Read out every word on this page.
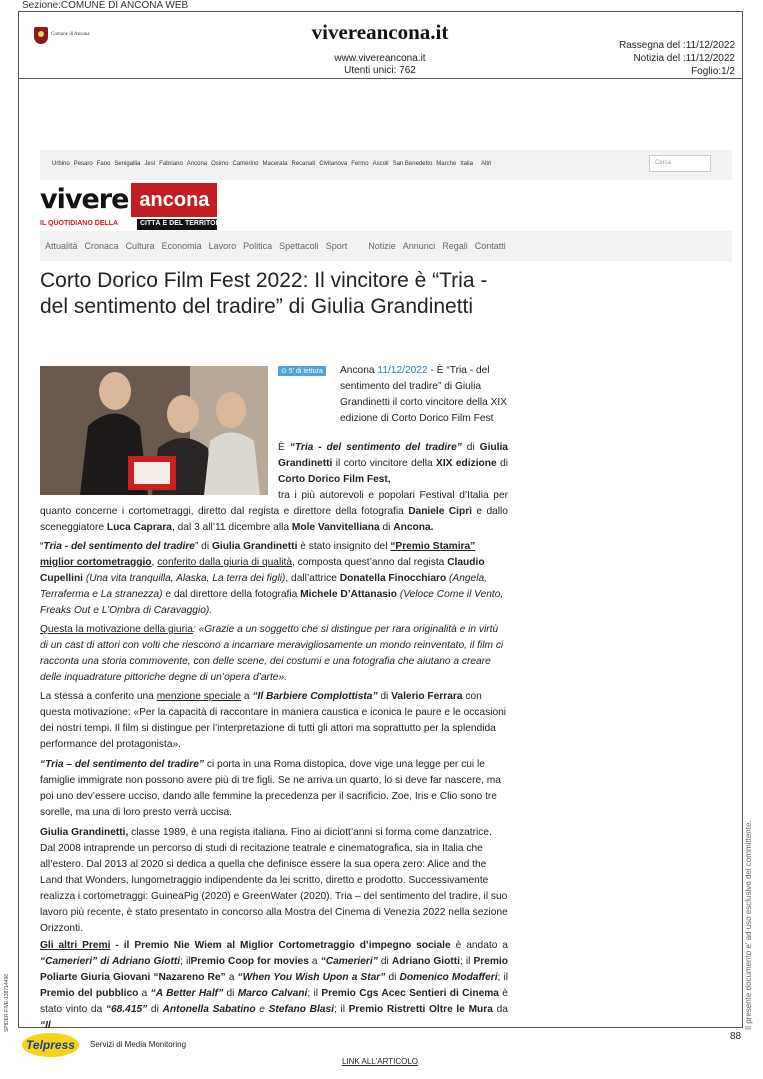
Sezione:COMUNE DI ANCONA WEB
Comune di Ancona	vivereancona.it
www.vivereancona.it
Utenti unici: 762
Rassegna del :11/12/2022
Notizia del :11/12/2022
Foglio:1/2
Urbino Pesaro Fano Senigallia Jesi Fabriano Ancona Osimo Camerino Macerata Recanati Civitanova Fermo Ascoli San Benedetto Marche Italia Altri	Cerca
vivere ancona
IL QUOTIDIANO DELLA	CITTÀ E DEL TERRITORIO
Attualità Cronaca Cultura Economia Lavoro Politica Spettacoli Sport Notizie Annunci Regali Contatti
Corto Dorico Film Fest 2022: Il vincitore è “Tria - del sentimento del tradire” di Giulia Grandinetti
⊙ 5' di lettura Ancona 11/12/2022 - È “Tria - del sentimento del tradire” di Giulia Grandinetti il corto vincitore della XIX edizione di Corto Dorico Film Fest
È “Tria - del sentimento del tradire” di Giulia Grandinetti il corto vincitore della XIX edizione di Corto Dorico Film Fest,
tra i più autorevoli e popolari Festival d’Italia per quanto concerne i cortometraggi, diretto dal regista e direttore della fotografia Daniele Ciprì e dallo sceneggiatore Luca Caprara, dal 3 all’11 dicembre alla Mole Vanvitelliana di Ancona.
“Tria - del sentimento del tradire” di Giulia Grandinetti è stato insignito del “Premio Stamira” miglior cortometraggio, conferito dalla giuria di qualità, composta quest’anno dal regista Claudio Cupellini (Una vita tranquilla, Alaska, La terra dei figli), dall’attrice Donatella Finocchiaro (Angela, Terraferma e La stranezza) e dal direttore della fotografia Michele D’Attanasio (Veloce Come il Vento, Freaks Out e L’Ombra di Caravaggio).
Questa la motivazione della giuria: «Grazie a un soggetto che si distingue per rara originalità e in virtù di un cast di attori con volti che riescono a incarnare meravigliosamente un mondo reinventato, il film ci racconta una storia commovente, con delle scene, dei costumi e una fotografia che aiutano a creare delle inquadrature pittoriche degne di un’opera d’arte».
La stessa a conferito una menzione speciale a “Il Barbiere Complottista” di Valerio Ferrara con questa motivazione: «Per la capacità di raccontare in maniera caustica e iconica le paure e le occasioni dei nostri tempi. Il film si distingue per l’interpretazione di tutti gli attori ma soprattutto per la splendida performance del protagonista».
“Tria – del sentimento del tradire” ci porta in una Roma distopica, dove vige una legge per cui le famiglie immigrate non possono avere più di tre figli. Se ne arriva un quarto, lo si deve far nascere, ma poi uno dev’essere ucciso, dando alle femmine la precedenza per il sacrificio. Zoe, Iris e Clio sono tre sorelle, ma una di loro presto verrà uccisa.
Giulia Grandinetti, classe 1989, è una regista italiana. Fino ai diciott’anni si forma come danzatrice. Dal 2008 intraprende un percorso di studi di recitazione teatrale e cinematografica, sia in Italia che all’estero. Dal 2013 al 2020 si dedica a quella che definisce essere la sua opera zero: Alice and the Land that Wonders, lungometraggio indipendente da lei scritto, diretto e prodotto. Successivamente realizza i cortometraggi: GuineaPig (2020) e GreenWater (2020). Tria – del sentimento del tradire, il suo lavoro più recente, è stato presentato in concorso alla Mostra del Cinema di Venezia 2022 nella sezione Orizzonti.
Gli altri Premi - il Premio Nie Wiem al Miglior Cortometraggio d’impegno sociale è andato a “Camerieri” di Adriano Giotti; ilPremio Coop for movies a “Camerieri” di Adriano Giotti; il Premio Poliarte Giuria Giovani “Nazareno Re” a “When You Wish Upon a Star” di Domenico Modafferi; il Premio del pubblico a “A Better Half” di Marco Calvani; il Premio Cgs Acec Sentieri di Cinema è stato vinto da “68.415” di Antonella Sabatino e Stefano Blasi; il Premio Ristretti Oltre le Mura da “Il
88
Telpress	Servizi di Media Monitoring
LINK ALL'ARTICOLO
Il presente documento e' ad uso esclusivo del committente.
SPIDER-FIVE-138714496
